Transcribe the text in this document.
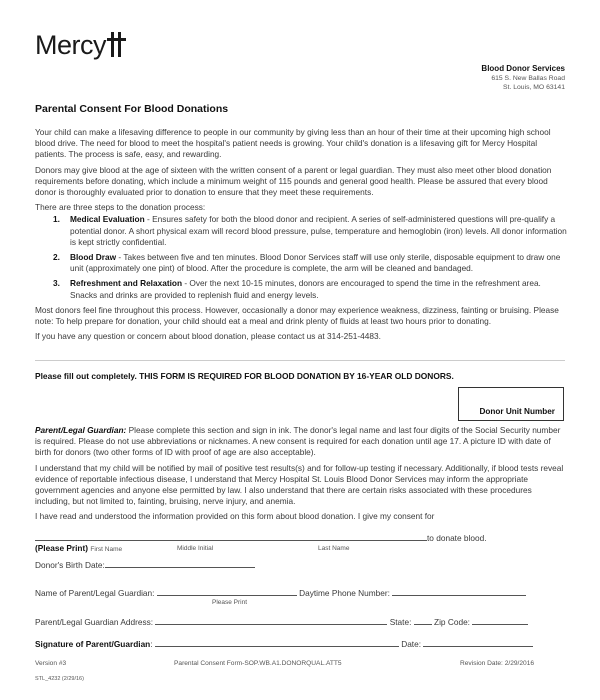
Mercy
Blood Donor Services
615 S. New Ballas Road
St. Louis, MO 63141
Parental Consent For Blood Donations

Your child can make a lifesaving difference to people in our community by giving less than an hour of their time at their upcoming high school blood drive. The need for blood to meet the hospital's patient needs is growing. Your child's donation is a lifesaving gift for Mercy Hospital patients. The process is safe, easy, and rewarding.

Donors may give blood at the age of sixteen with the written consent of a parent or legal guardian. They must also meet other blood donation requirements before donating, which include a minimum weight of 115 pounds and general good health. Please be assured that every blood donor is thoroughly evaluated prior to donation to ensure that they meet these requirements.

There are three steps to the donation process:

1. Medical Evaluation - Ensures safety for both the blood donor and recipient. A series of self-administered questions will pre-qualify a potential donor. A short physical exam will record blood pressure, pulse, temperature and hemoglobin (iron) levels. All donor information is kept strictly confidential.
2. Blood Draw - Takes between five and ten minutes. Blood Donor Services staff will use only sterile, disposable equipment to draw one unit (approximately one pint) of blood. After the procedure is complete, the arm will be cleaned and bandaged.
3. Refreshment and Relaxation - Over the next 10-15 minutes, donors are encouraged to spend the time in the refreshment area. Snacks and drinks are provided to replenish fluid and energy levels.

Most donors feel fine throughout this process. However, occasionally a donor may experience weakness, dizziness, fainting or bruising. Please note: To help prepare for donation, your child should eat a meal and drink plenty of fluids at least two hours prior to donating.

If you have any question or concern about blood donation, please contact us at 314-251-4483.

Please fill out completely. THIS FORM IS REQUIRED FOR BLOOD DONATION BY 16-YEAR OLD DONORS.
Donor Unit Number

Parent/Legal Guardian: Please complete this section and sign in ink. The donor's legal name and last four digits of the Social Security number is required. Please do not use abbreviations or nicknames. A new consent is required for each donation until age 17. A picture ID with date of birth for donors (two other forms of ID with proof of age are also acceptable).

I understand that my child will be notified by mail of positive test results(s) and for follow-up testing if necessary. Additionally, if blood tests reveal evidence of reportable infectious disease, I understand that Mercy Hospital St. Louis Blood Donor Services may inform the appropriate government agencies and anyone else permitted by law. I also understand that there are certain risks associated with these procedures including, but not limited to, fainting, bruising, nerve injury, and anemia.

I have read and understood the information provided on this form about blood donation. I give my consent for

to donate blood.
(Please Print) First Name	Middle Initial	Last Name
Donor's Birth Date:
Name of Parent/Legal Guardian:	Daytime Phone Number:
Please Print
Parent/Legal Guardian Address:	State:	Zip Code:
Signature of Parent/Guardian:	Date:
Version #3	Parental Consent Form-SOP.WB.A1.DONORQUAL.ATT5	Revision Date: 2/29/2016
STL_4232 (2/29/16)
